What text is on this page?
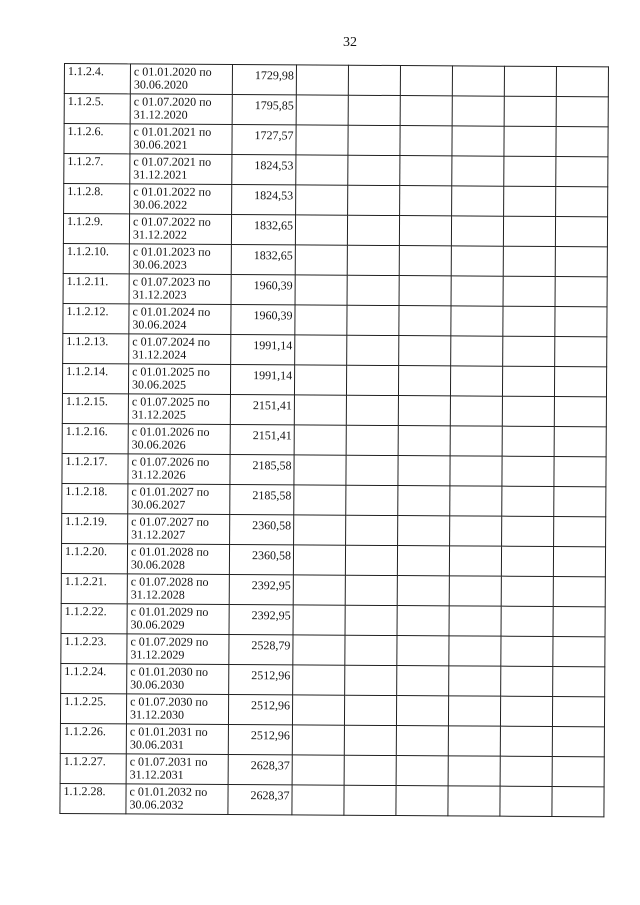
32
1.1.2.4.	с 01.01.2020 по
30.06.2020	1729,98						
1.1.2.5.	с 01.07.2020 по
31.12.2020	1795,85						
1.1.2.6.	с 01.01.2021 по
30.06.2021	1727,57						
1.1.2.7.	с 01.07.2021 по
31.12.2021	1824,53						
1.1.2.8.	с 01.01.2022 по
30.06.2022	1824,53						
1.1.2.9.	с 01.07.2022 по
31.12.2022	1832,65						
1.1.2.10.	с 01.01.2023 по
30.06.2023	1832,65						
1.1.2.11.	с 01.07.2023 по
31.12.2023	1960,39						
1.1.2.12.	с 01.01.2024 по
30.06.2024	1960,39						
1.1.2.13.	с 01.07.2024 по
31.12.2024	1991,14						
1.1.2.14.	с 01.01.2025 по
30.06.2025	1991,14						
1.1.2.15.	с 01.07.2025 по
31.12.2025	2151,41						
1.1.2.16.	с 01.01.2026 по
30.06.2026	2151,41						
1.1.2.17.	с 01.07.2026 по
31.12.2026	2185,58						
1.1.2.18.	с 01.01.2027 по
30.06.2027	2185,58						
1.1.2.19.	с 01.07.2027 по
31.12.2027	2360,58						
1.1.2.20.	с 01.01.2028 по
30.06.2028	2360,58						
1.1.2.21.	с 01.07.2028 по
31.12.2028	2392,95						
1.1.2.22.	с 01.01.2029 по
30.06.2029	2392,95						
1.1.2.23.	с 01.07.2029 по
31.12.2029	2528,79						
1.1.2.24.	с 01.01.2030 по
30.06.2030	2512,96						
1.1.2.25.	с 01.07.2030 по
31.12.2030	2512,96						
1.1.2.26.	с 01.01.2031 по
30.06.2031	2512,96						
1.1.2.27.	с 01.07.2031 по
31.12.2031	2628,37						
1.1.2.28.	с 01.01.2032 по
30.06.2032	2628,37						
